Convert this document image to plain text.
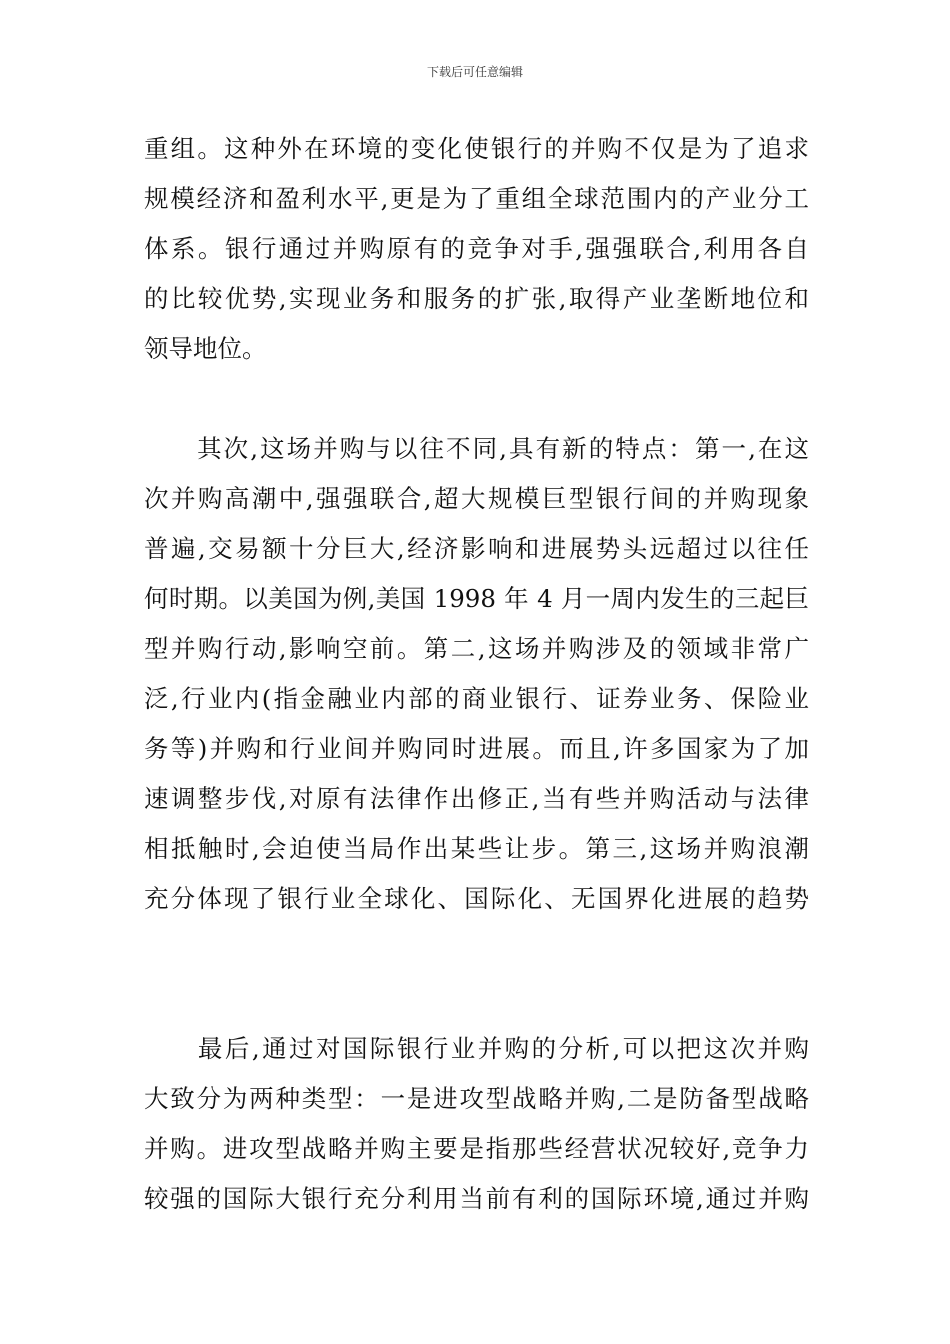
下载后可任意编辑
重组。这种外在环境的变化使银行的并购不仅是为了追求
规模经济和盈利水平,更是为了重组全球范围内的产业分工
体系。银行通过并购原有的竞争对手,强强联合,利用各自
的比较优势,实现业务和服务的扩张,取得产业垄断地位和
领导地位。
　　其次,这场并购与以往不同,具有新的特点：第一,在这
次并购高潮中,强强联合,超大规模巨型银行间的并购现象
普遍,交易额十分巨大,经济影响和进展势头远超过以往任
何时期。以美国为例,美国 1998 年 4 月一周内发生的三起巨
型并购行动,影响空前。第二,这场并购涉及的领域非常广
泛,行业内(指金融业内部的商业银行、证券业务、保险业
务等)并购和行业间并购同时进展。而且,许多国家为了加
速调整步伐,对原有法律作出修正,当有些并购活动与法律
相抵触时,会迫使当局作出某些让步。第三,这场并购浪潮
充分体现了银行业全球化、国际化、无国界化进展的趋势
　　最后,通过对国际银行业并购的分析,可以把这次并购
大致分为两种类型：一是进攻型战略并购,二是防备型战略
并购。进攻型战略并购主要是指那些经营状况较好,竞争力
较强的国际大银行充分利用当前有利的国际环境,通过并购
